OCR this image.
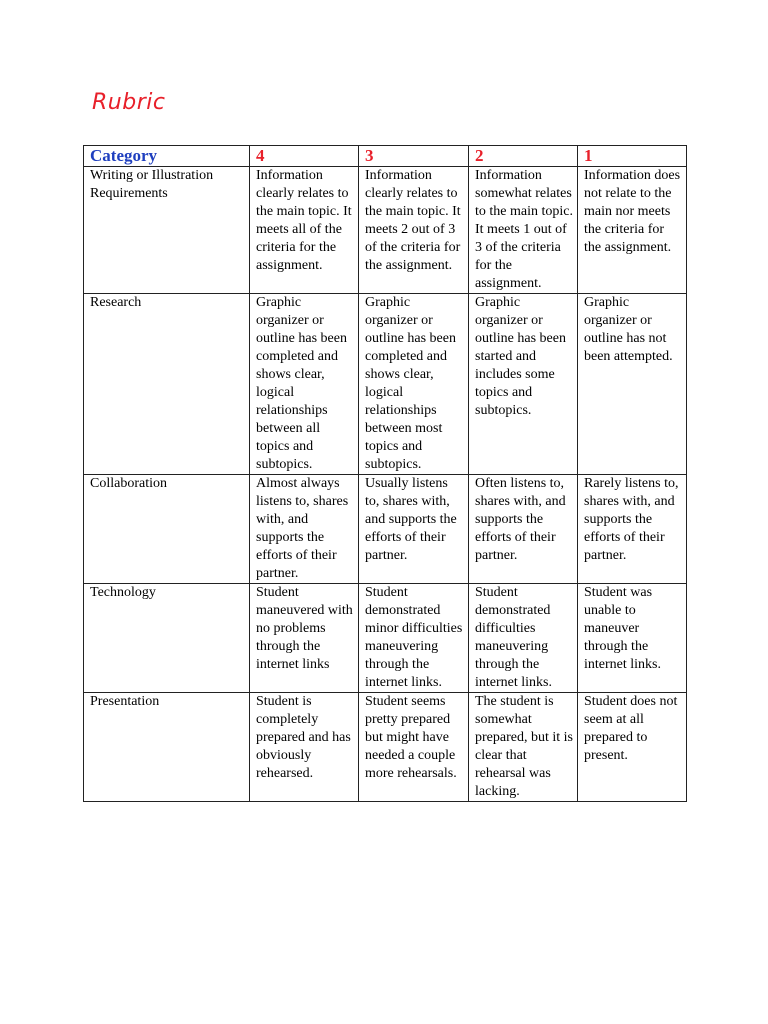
Rubric
Category	4	3	2	1
Writing or Illustration Requirements	Information clearly relates to the main topic. It meets all of the criteria for the assignment.	Information clearly relates to the main topic. It meets 2 out of 3 of the criteria for the assignment.	Information somewhat relates to the main topic. It meets 1 out of 3 of the criteria for the assignment.	Information does not relate to the main nor meets the criteria for the assignment.
Research	Graphic organizer or outline has been completed and shows clear, logical relationships between all topics and subtopics.	Graphic organizer or outline has been completed and shows clear, logical relationships between most topics and subtopics.	Graphic organizer or outline has been started and includes some topics and subtopics.	Graphic organizer or outline has not been attempted.
Collaboration	Almost always listens to, shares with, and supports the efforts of their partner.	Usually listens to, shares with, and supports the efforts of their partner.	Often listens to, shares with, and supports the efforts of their partner.	Rarely listens to, shares with, and supports the efforts of their partner.
Technology	Student maneuvered with no problems through the internet links	Student demonstrated minor difficulties maneuvering through the internet links.	Student demonstrated difficulties maneuvering through the internet links.	Student was unable to maneuver through the internet links.
Presentation	Student is completely prepared and has obviously rehearsed.	Student seems pretty prepared but might have needed a couple more rehearsals.	The student is somewhat prepared, but it is clear that rehearsal was lacking.	Student does not seem at all prepared to present.
